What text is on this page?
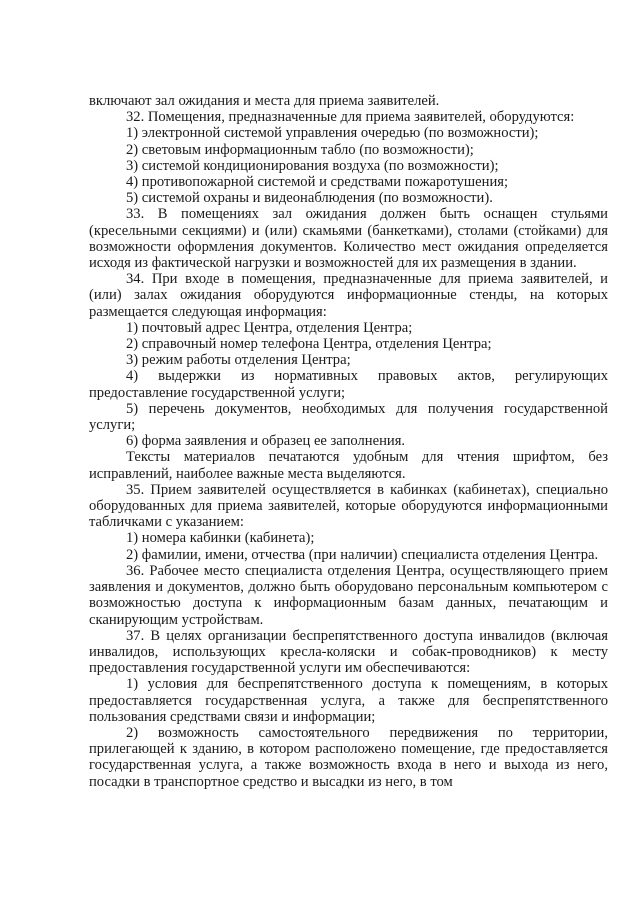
включают зал ожидания и места для приема заявителей.

32. Помещения, предназначенные для приема заявителей, оборудуются:

1) электронной системой управления очередью (по возможности);

2) световым информационным табло (по возможности);

3) системой кондиционирования воздуха (по возможности);

4) противопожарной системой и средствами пожаротушения;

5) системой охраны и видеонаблюдения (по возможности).

33. В помещениях зал ожидания должен быть оснащен стульями (кресельными секциями) и (или) скамьями (банкетками), столами (стойками) для возможности оформления документов. Количество мест ожидания определяется исходя из фактической нагрузки и возможностей для их размещения в здании.

34. При входе в помещения, предназначенные для приема заявителей, и (или) залах ожидания оборудуются информационные стенды, на которых размещается следующая информация:

1) почтовый адрес Центра, отделения Центра;

2) справочный номер телефона Центра, отделения Центра;

3) режим работы отделения Центра;

4) выдержки из нормативных правовых актов, регулирующих предоставление государственной услуги;

5) перечень документов, необходимых для получения государственной услуги;

6) форма заявления и образец ее заполнения.

Тексты материалов печатаются удобным для чтения шрифтом, без исправлений, наиболее важные места выделяются.

35. Прием заявителей осуществляется в кабинках (кабинетах), специально оборудованных для приема заявителей, которые оборудуются информационными табличками с указанием:

1) номера кабинки (кабинета);

2) фамилии, имени, отчества (при наличии) специалиста отделения Центра.

36. Рабочее место специалиста отделения Центра, осуществляющего прием заявления и документов, должно быть оборудовано персональным компьютером с возможностью доступа к информационным базам данных, печатающим и сканирующим устройствам.

37. В целях организации беспрепятственного доступа инвалидов (включая инвалидов, использующих кресла-коляски и собак-проводников) к месту предоставления государственной услуги им обеспечиваются:

1) условия для беспрепятственного доступа к помещениям, в которых предоставляется государственная услуга, а также для беспрепятственного пользования средствами связи и информации;

2) возможность самостоятельного передвижения по территории, прилегающей к зданию, в котором расположено помещение, где предоставляется государственная услуга, а также возможность входа в него и выхода из него, посадки в транспортное средство и высадки из него, в том
